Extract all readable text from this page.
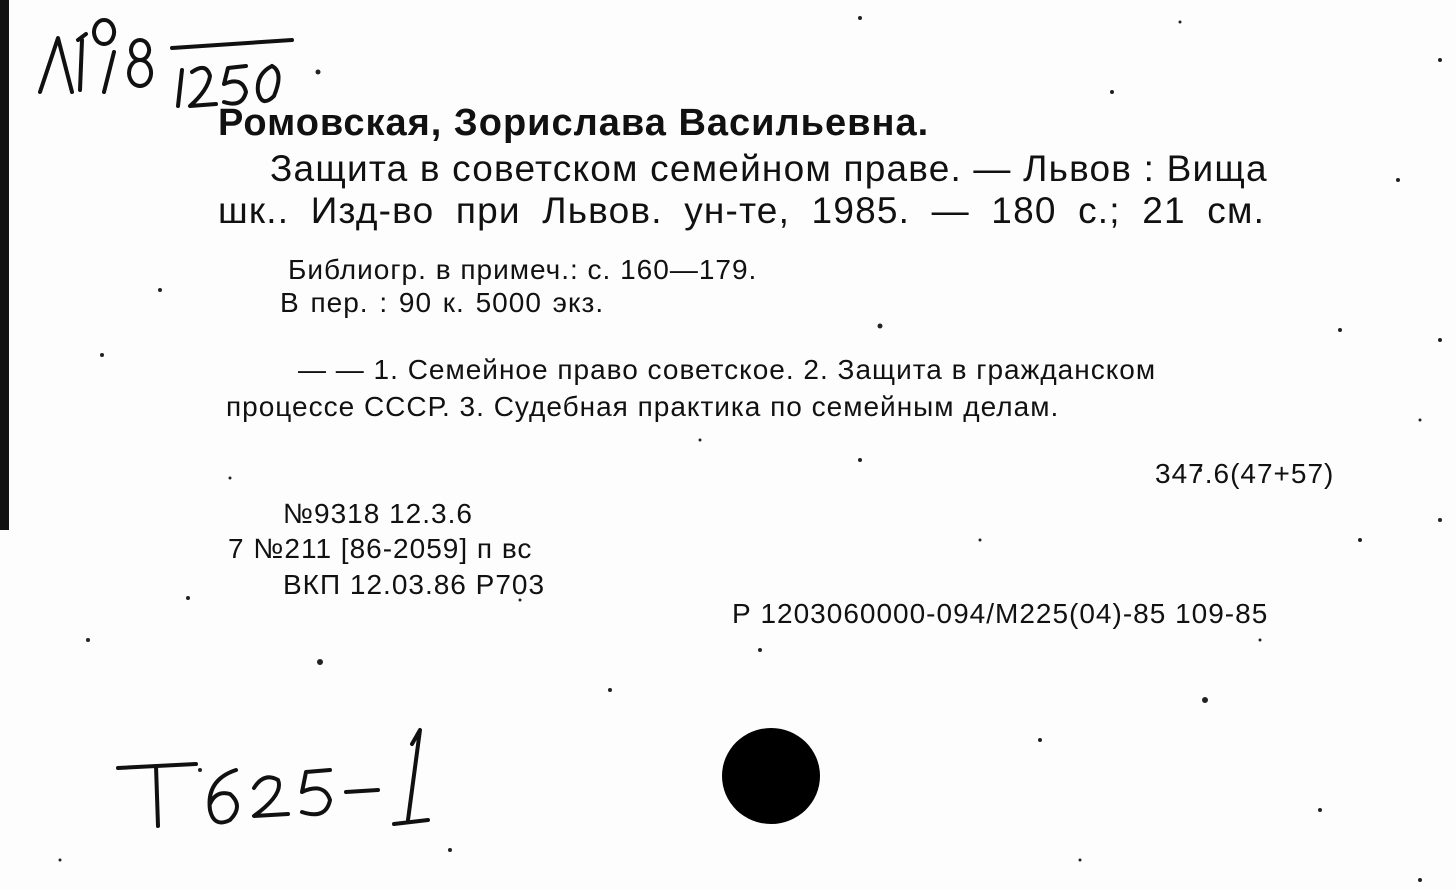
Ромовская, Зорислава Васильевна.
Защита в советском семейном праве. — Львов : Вища
шк.. Изд-во при Львов. ун-те, 1985. — 180 с.; 21 см.
Библиогр. в примеч.: с. 160—179.
В пер. : 90 к. 5000 экз.
— — 1. Семейное право советское. 2. Защита в гражданском
процессе СССР. 3. Судебная практика по семейным делам.
347.6(47+57)
№9318 12.3.6
7 №211 [86-2059] п вс
ВКП 12.03.86 Р703
Р 1203060000-094/М225(04)-85 109-85
